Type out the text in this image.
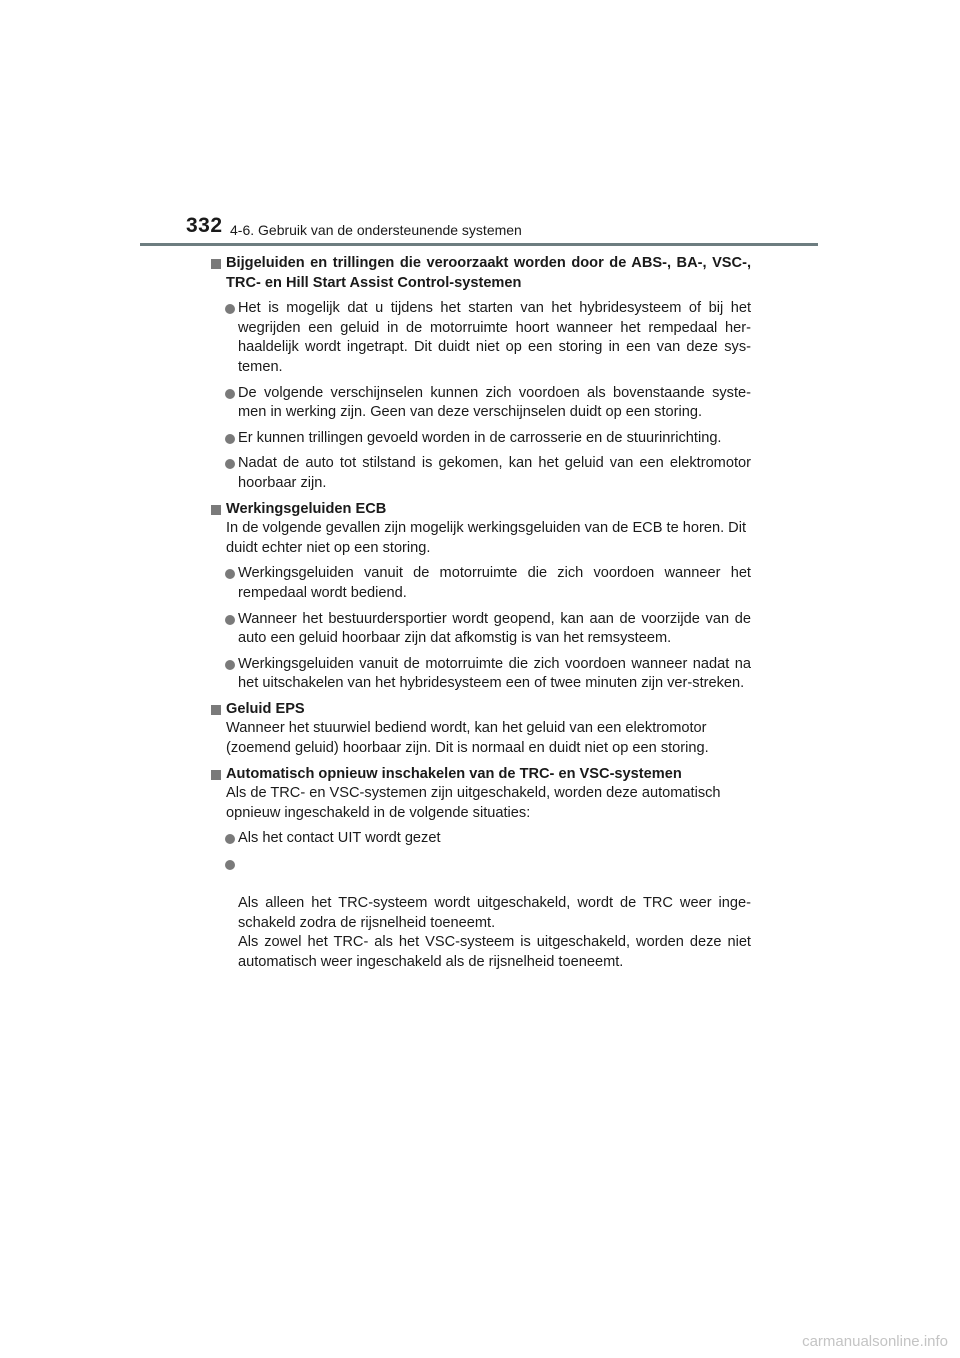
332 4-6. Gebruik van de ondersteunende systemen
Bijgeluiden en trillingen die veroorzaakt worden door de ABS-, BA-, VSC-, TRC- en Hill Start Assist Control-systemen
Het is mogelijk dat u tijdens het starten van het hybridesysteem of bij het wegrijden een geluid in de motorruimte hoort wanneer het rempedaal her-haaldelijk wordt ingetrapt. Dit duidt niet op een storing in een van deze sys-temen.
De volgende verschijnselen kunnen zich voordoen als bovenstaande syste-men in werking zijn. Geen van deze verschijnselen duidt op een storing.
Er kunnen trillingen gevoeld worden in de carrosserie en de stuurinrichting.
Nadat de auto tot stilstand is gekomen, kan het geluid van een elektromotor hoorbaar zijn.
Werkingsgeluiden ECB
In de volgende gevallen zijn mogelijk werkingsgeluiden van de ECB te horen. Dit duidt echter niet op een storing.
Werkingsgeluiden vanuit de motorruimte die zich voordoen wanneer het rempedaal wordt bediend.
Wanneer het bestuurdersportier wordt geopend, kan aan de voorzijde van de auto een geluid hoorbaar zijn dat afkomstig is van het remsysteem.
Werkingsgeluiden vanuit de motorruimte die zich voordoen wanneer nadat na het uitschakelen van het hybridesysteem een of twee minuten zijn ver-streken.
Geluid EPS
Wanneer het stuurwiel bediend wordt, kan het geluid van een elektromotor (zoemend geluid) hoorbaar zijn. Dit is normaal en duidt niet op een storing.
Automatisch opnieuw inschakelen van de TRC- en VSC-systemen
Als de TRC- en VSC-systemen zijn uitgeschakeld, worden deze automatisch opnieuw ingeschakeld in de volgende situaties:
Als het contact UIT wordt gezet

Als alleen het TRC-systeem wordt uitgeschakeld, wordt de TRC weer inge-schakeld zodra de rijsnelheid toeneemt.
Als zowel het TRC- als het VSC-systeem is uitgeschakeld, worden deze niet automatisch weer ingeschakeld als de rijsnelheid toeneemt.

carmanualsonline.info
